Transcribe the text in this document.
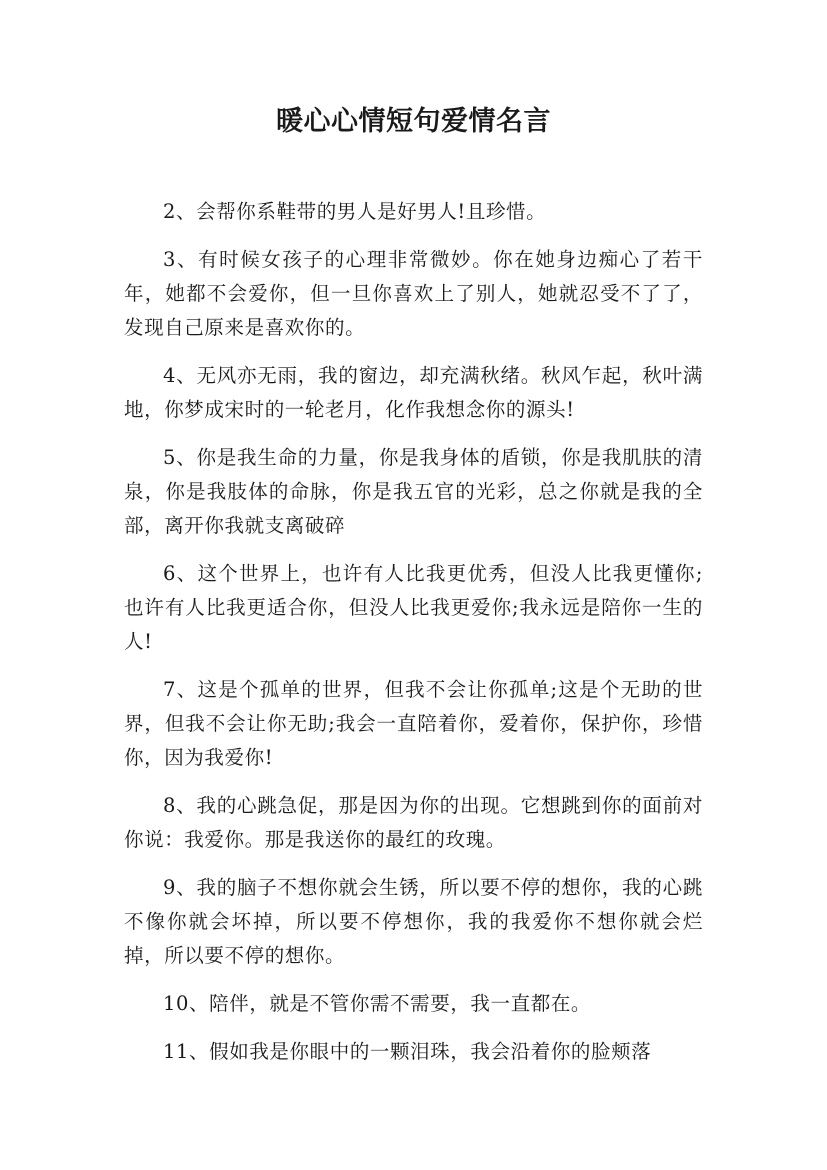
暖心心情短句爱情名言

2、会帮你系鞋带的男人是好男人!且珍惜。

3、有时候女孩子的心理非常微妙。你在她身边痴心了若干年，她都不会爱你，但一旦你喜欢上了别人，她就忍受不了了，发现自己原来是喜欢你的。

4、无风亦无雨，我的窗边，却充满秋绪。秋风乍起，秋叶满地，你梦成宋时的一轮老月，化作我想念你的源头!

5、你是我生命的力量，你是我身体的盾锁，你是我肌肤的清泉，你是我肢体的命脉，你是我五官的光彩，总之你就是我的全部，离开你我就支离破碎

6、这个世界上，也许有人比我更优秀，但没人比我更懂你;也许有人比我更适合你，但没人比我更爱你;我永远是陪你一生的人!

7、这是个孤单的世界，但我不会让你孤单;这是个无助的世界，但我不会让你无助;我会一直陪着你，爱着你，保护你，珍惜你，因为我爱你!

8、我的心跳急促，那是因为你的出现。它想跳到你的面前对你说：我爱你。那是我送你的最红的玫瑰。

9、我的脑子不想你就会生锈，所以要不停的想你，我的心跳不像你就会坏掉，所以要不停想你，我的我爱你不想你就会烂掉，所以要不停的想你。

10、陪伴，就是不管你需不需要，我一直都在。

11、假如我是你眼中的一颗泪珠，我会沿着你的脸颊落
